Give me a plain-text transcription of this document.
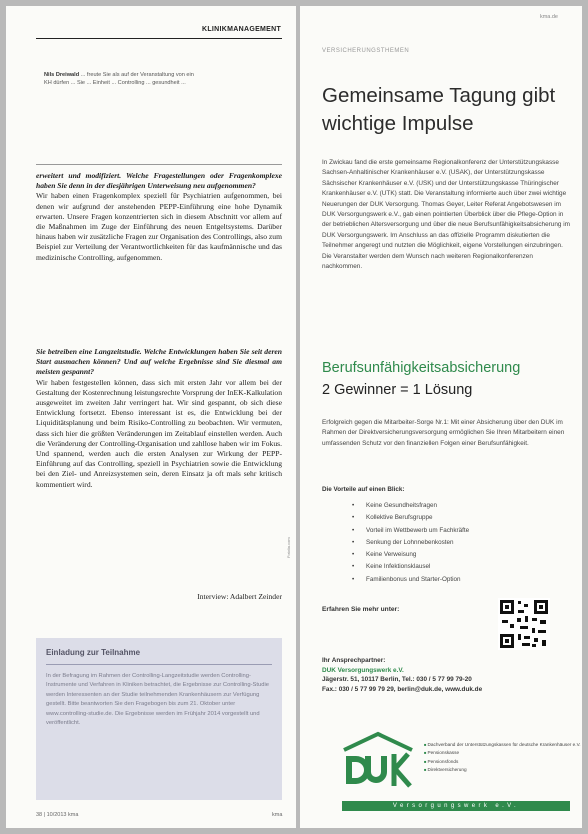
KLINIKMANAGEMENT
Nils Dreiwald ... freute Sie als auf der Veranstaltung von ein KH dürfen ... Sie ... Einheit ... Controlling ... gesundheit ...
erweitert und modifiziert. Welche Fragestellungen oder Fragenkomplexe haben Sie denn in der diesjährigen Unterweisung neu aufgenommen?
Wir haben einen Fragenkomplex speziell für Psychiatrien aufgenommen, bei denen wir aufgrund der anstehenden PEPP-Einführung eine hohe Dynamik erwarten. Unsere Fragen konzentrierten sich in diesem Abschnitt vor allem auf die Maßnahmen im Zuge der Einführung des neuen Entgeltsystems. Darüber hinaus haben wir zusätzliche Fragen zur Organisation des Controllings, also zum Beispiel zur Verteilung der Verantwortlichkeiten für das kaufmännische und das medizinische Controlling, aufgenommen.
Sie betreiben eine Langzeitstudie. Welche Entwicklungen haben Sie seit deren Start ausmachen können? Und auf welche Ergebnisse sind Sie diesmal am meisten gespannt?
Wir haben festgestellen können, dass sich mit ersten Jahr vor allem bei der Gestaltung der Kostenrechnung leistungsrechte Vorsprung der InEK-Kalkulation ausgeweitet im zweiten Jahr verringert hat. Wir sind gespannt, ob sich diese Entwicklung fortsetzt. Ebenso interessant ist es, die Entwicklung bei der Liquiditätsplanung und beim Risiko-Controlling zu beobachten. Wir vermuten, dass sich hier die größten Veränderungen im Zeitablauf einstellen werden. Auch die Veränderung der Controlling-Organisation und zahllose haben wir im Fokus. Und spannend, werden auch die ersten Analysen zur Wirkung der PEPP-Einführung auf das Controlling, speziell in Psychiatrien sowie die Entwicklung bei den Ziel- und Anreizsystemen sein, deren Einsatz ja oft mals sehr kritisch kommentiert wird.
Interview: Adalbert Zeinder
Fotolia.com
Einladung zur Teilnahme
In der Befragung im Rahmen der Controlling-Langzeitstudie werden Controlling-Instrumente und Verfahren in Kliniken betrachtet, die Ergebnisse zur Controlling-Studie werden Interessenten an der Studie teilnehmenden Krankenhäusern zur Verfügung gestellt. Bitte beantworten Sie den Fragebogen bis zum 21. Oktober unter www.controlling-studie.de. Die Ergebnisse werden im Frühjahr 2014 vorgestellt und veröffentlicht.
38 | 10/2013 kma	kma
kma.de
VERSICHERUNGSTHEMEN
Gemeinsame Tagung gibt wichtige Impulse
In Zwickau fand die erste gemeinsame Regionalkonferenz der Unterstützungskasse Sachsen-Anhaltinischer Krankenhäuser e.V. (USAK), der Unterstützungskasse Sächsischer Krankenhäuser e.V. (USK) und der Unterstützungskasse Thüringischer Krankenhäuser e.V. (UTK) statt. Die Veranstaltung informierte auch über zwei wichtige Neuerungen der DUK Versorgung. Thomas Geyer, Leiter Referat Angebotswesen im DUK Versorgungswerk e.V., gab einen pointierten Überblick über die Pflege-Option in der betrieblichen Altersversorgung und über die neue Berufsunfähigkeitsabsicherung im DUK Versorgungswerk. Im Anschluss an das offizielle Programm diskutierten die Teilnehmer angeregt und nutzten die Möglichkeit, eigene Vorstellungen einzubringen. Die Veranstalter werden dem Wunsch nach weiteren Regionalkonferenzen nachkommen.
Berufsunfähigkeitsabsicherung
2 Gewinner = 1 Lösung
Erfolgreich gegen die Mitarbeiter-Sorge Nr.1: Mit einer Absicherung über den DUK im Rahmen der Direktversicherungsversorgung ermöglichen Sie Ihren Mitarbeitern einen umfassenden Schutz vor den finanziellen Folgen einer Berufsunfähigkeit.
Die Vorteile auf einen Blick:
• Keine Gesundheitsfragen
• Kollektive Berufsgruppe
• Vorteil im Wettbewerb um Fachkräfte
• Senkung der Lohnnebenkosten
• Keine Verweisung
• Keine Infektionsklausel
• Familienbonus und Starter-Option
Erfahren Sie mehr unter:
Ihr Ansprechpartner:
DUK Versorgungswerk e.V.
Jägerstr. 51, 10117 Berlin, Tel.: 030 / 5 77 99 79-20
Fax.: 030 / 5 77 99 79 29, berlin@duk.de, www.duk.de
■ Dachverband der Unterstützungskassen für deutsche Krankenhäuser e.V.
■ Pensionskasse
■ Pensionsfonds
■ Direktversicherung
Versorgungswerk e.V.
